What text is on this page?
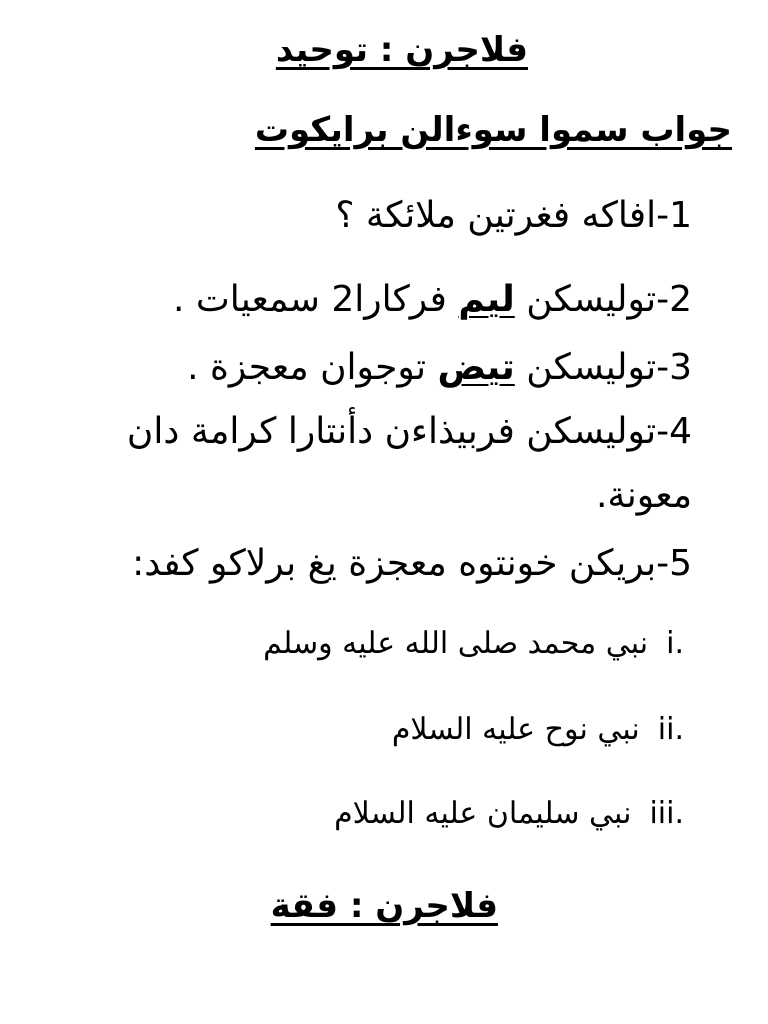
فلاجرن : توحيد
جواب سموا سوءالن برايكوت
1-افاكه فغرتين ملائكة ؟
2-توليسكن ليم فركارا2 سمعيات .
3-توليسكن تيض توجوان معجزة .
4-توليسكن فربيذاءن دأنتارا كرامة دان معونة.
5-بريكن خونتوه معجزة يغ برلاكو كفد:
i.نبي محمد صلى الله عليه وسلم
ii.نبي نوح عليه السلام
iii.نبي سليمان عليه السلام
فلاجرن : فقة
